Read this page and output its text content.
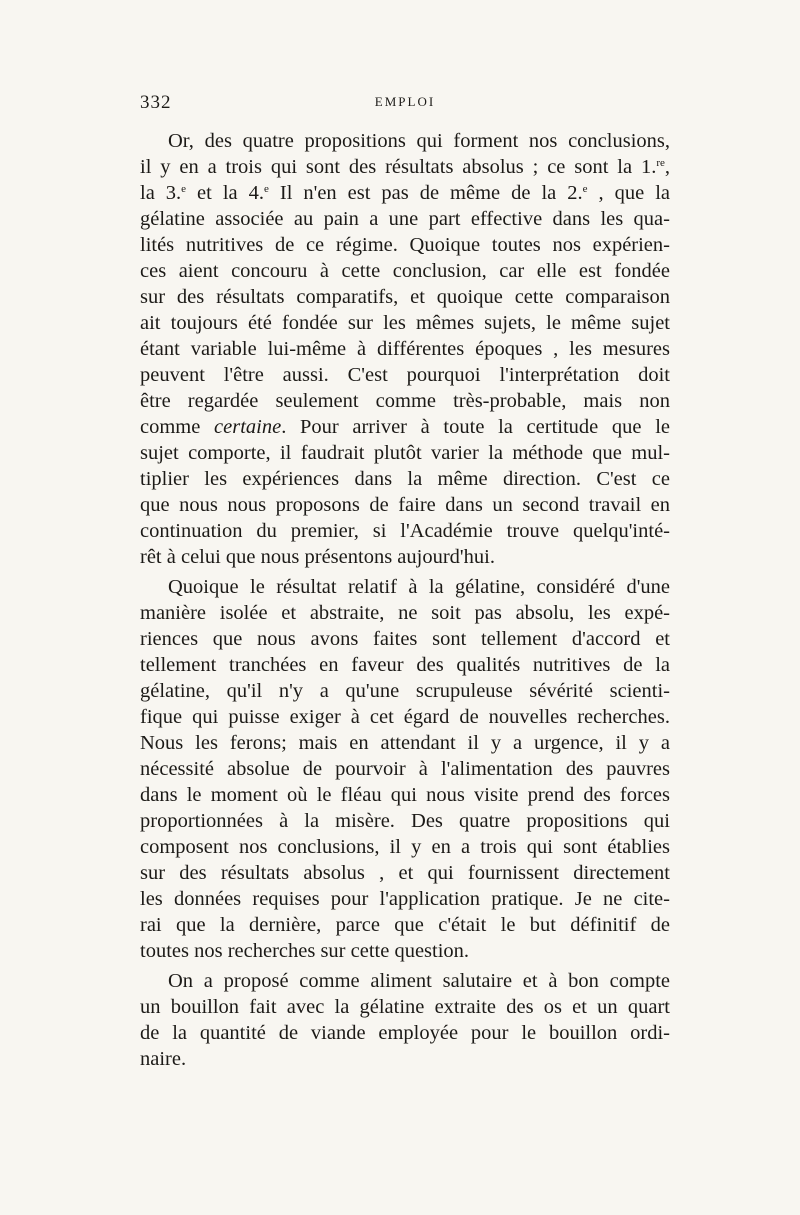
332	EMPLOI
Or, des quatre propositions qui forment nos conclusions,
il y en a trois qui sont des résultats absolus ; ce sont la 1.$^{re}$,
la 3.$^e$ et la 4.$^e$ Il n'en est pas de même de la 2.$^e$ , que la
gélatine associée au pain a une part effective dans les qua-
lités nutritives de ce régime. Quoique toutes nos expérien-
ces aient concouru à cette conclusion, car elle est fondée
sur des résultats comparatifs, et quoique cette comparaison
ait toujours été fondée sur les mêmes sujets, le même sujet
étant variable lui-même à différentes époques , les mesures
peuvent l'être aussi. C'est pourquoi l'interprétation doit
être regardée seulement comme très-probable, mais non
comme certaine. Pour arriver à toute la certitude que le
sujet comporte, il faudrait plutôt varier la méthode que mul-
tiplier les expériences dans la même direction. C'est ce
que nous nous proposons de faire dans un second travail en
continuation du premier, si l'Académie trouve quelqu'inté-
rêt à celui que nous présentons aujourd'hui.
Quoique le résultat relatif à la gélatine, considéré d'une
manière isolée et abstraite, ne soit pas absolu, les expé-
riences que nous avons faites sont tellement d'accord et
tellement tranchées en faveur des qualités nutritives de la
gélatine, qu'il n'y a qu'une scrupuleuse sévérité scienti-
fique qui puisse exiger à cet égard de nouvelles recherches.
Nous les ferons; mais en attendant il y a urgence, il y a
nécessité absolue de pourvoir à l'alimentation des pauvres
dans le moment où le fléau qui nous visite prend des forces
proportionnées à la misère. Des quatre propositions qui
composent nos conclusions, il y en a trois qui sont établies
sur des résultats absolus , et qui fournissent directement
les données requises pour l'application pratique. Je ne cite-
rai que la dernière, parce que c'était le but définitif de
toutes nos recherches sur cette question.
On a proposé comme aliment salutaire et à bon compte
un bouillon fait avec la gélatine extraite des os et un quart
de la quantité de viande employée pour le bouillon ordi-
naire.
